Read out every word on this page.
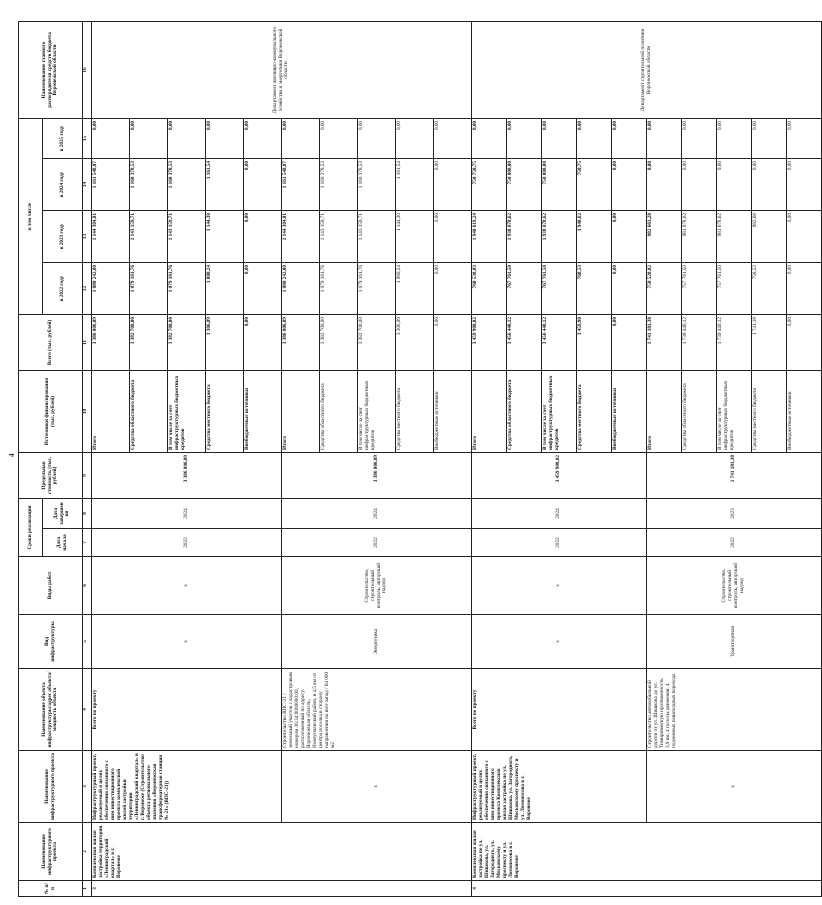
4
№ п/п	Наименование инфраструктурного проекта	Наименование инфраструктурного проекта	Наименование объекта инфраструктуры/адрес объекта/ мощность объекта	Вид инфраструктуры	Виды работ	Сроки реализации		Предельная стоимость (тыс. рублей)	Источники финансирования (тыс. рублей)	Всего (тыс. рублей)	в том числе				Наименование главного распорядителя средств бюджета Воронежской области
						Дата начала	Дата завершения				в 2022 году	в 2023 году	в 2024 году	в 2025 году	
1	2	3	4	5	6	7	8	9	10	11	12	13	14	15	16
3	Комплексная жилая застройка территории «Ленинградский квартал» в г. Воронеже	Инфраструктурный проект, реализуемый в целях обеспечения связанного с ним инвестиционного проекта комплексной жилой застройки территории «Ленинградский квартал» в г. Воронеже (Строительство объекта регионального значения «Воронежская трансформаторная станция № 21» (ВПС-21))	Всего по проекту	х	х	2022	2024	3 386 006,09	Итого	3 386 006,09	1 080 242,00	1 144 304,01	1 161 540,07	0,00	Департамент жилищно-коммунального хозяйства и энергетики Воронежской области
									Средства областного бюджета	3 382 700,00	1 079 161,76	1 143 159,71	1 160 378,53	0,00	
									В том числе за счет инфраструктурных бюджетных кредитов	3 382 700,00	1 079 161,76	1 143 159,71	1 160 378,53	0,00	
									Средства местного бюджета	3 306,09	1 080,24	1 144,30	1 161,54	0,00	
									Внебюджетные источники	0,00	0,00	0,00	0,00	0,00	
		х	Строительство ВПС-21 / земельный участок с кадастровым номером 36:34:0000000:00, расположенный по адресу: Воронежская область, Новоусманский район, в 4,5 км от центра поселка в сторону направления на юго-запад / 64 000 м2	Энергетика	Строительство, строительный контроль, авторский надзор	2022	2024	3 386 006,09	Итого	3 386 006,09	1 080 242,00	1 144 304,01	1 161 540,07	0,00	
									Средства областного бюджета	3 382 700,00	1 079 161,76	1 143 159,71	1 160 378,53	0,00	
									В том числе за счет инфраструктурных бюджетных кредитов	3 382 700,00	1 079 161,76	1 143 159,71	1 160 378,53	0,00	
									Средства местного бюджета	3 306,09	1 080,24	1 144,30	1 161,54	0,00	
									Внебюджетные источники	0,00	0,00	0,00	0,00	0,00	
4	Комплексная жилая застройка по ул. Шишкова, ул. Загородного, ул. Московскому проспекту и ул. Ломоносова в г. Воронеже	Инфраструктурный проект, реализуемый в целях обеспечения связанного с ним инвестиционного проекта Комплексная жилая застройка по ул. Шишкова, ул. Загородного, Московскому проспекту и ул. Ломоносова в г. Воронеже	Всего по проекту	х	х	2022	2024	3 459 900,02	Итого	3 459 900,02	768 530,03	1 940 619,24	750 750,75	0,00	Департамент строительной политики Воронежской области
									Средства областного бюджета	3 456 440,12	767 761,50	1 938 678,62	750 000,00	0,00	
									В том числе за счет инфраструктурных бюджетных кредитов	3 456 440,12	767 761,50	1 938 678,62	750 000,00	0,00	
									Средства местного бюджета	3 459,90	768,53	1 940,62	750,75	0,00	
									Внебюджетные источники	0,00	0,00	0,00	0,00	0,00	
		х	Строительство автомобильной дороги от ул. Шишкова до ул. Тимирязевскую протяженность 3,9 км, 4 полосы движения, 4 подземных пешеходных перехода	Транспортная	Строительство, строительный контроль, авторский надзор	2022	2023	1 741 181,38	Итого	1 741 181,38	758 520,02	982 661,28	0,00	0,00	
									Средства областного бюджета	1 739 440,12	757 761,50	981 678,62	0,00	0,00	
									В том числе за счет инфраструктурных бюджетных кредитов	1 739 440,12	757 761,50	981 678,62	0,00	0,00	
									Средства местного бюджета	1 741,18	758,52	982,66	0,00	0,00	
									Внебюджетные источники	0,00	0,00	0,00	0,00	0,00	
